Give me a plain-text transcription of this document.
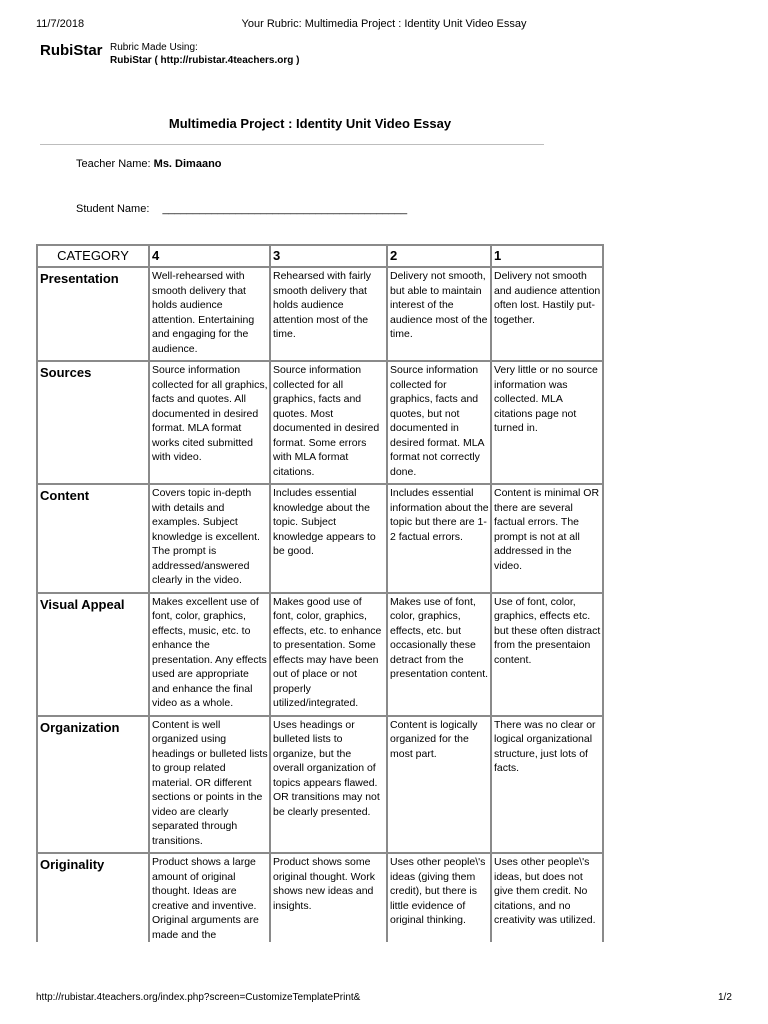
11/7/2018	Your Rubric: Multimedia Project : Identity Unit Video Essay
RubiStar Rubric Made Using:
RubiStar ( http://rubistar.4teachers.org )
Multimedia Project : Identity Unit Video Essay
Teacher Name: Ms. Dimaano
Student Name: ________________________________________
CATEGORY	4	3	2	1
Presentation	Well-rehearsed with smooth delivery that holds audience attention. Entertaining and engaging for the audience.	Rehearsed with fairly smooth delivery that holds audience attention most of the time.	Delivery not smooth, but able to maintain interest of the audience most of the time.	Delivery not smooth and audience attention often lost. Hastily put-together.
Sources	Source information collected for all graphics, facts and quotes. All documented in desired format. MLA format works cited submitted with video.	Source information collected for all graphics, facts and quotes. Most documented in desired format. Some errors with MLA format citations.	Source information collected for graphics, facts and quotes, but not documented in desired format. MLA format not correctly done.	Very little or no source information was collected. MLA citations page not turned in.
Content	Covers topic in-depth with details and examples. Subject knowledge is excellent. The prompt is addressed/answered clearly in the video.	Includes essential knowledge about the topic. Subject knowledge appears to be good.	Includes essential information about the topic but there are 1-2 factual errors.	Content is minimal OR there are several factual errors. The prompt is not at all addressed in the video.
Visual Appeal	Makes excellent use of font, color, graphics, effects, music, etc. to enhance the presentation. Any effects used are appropriate and enhance the final video as a whole.	Makes good use of font, color, graphics, effects, etc. to enhance to presentation. Some effects may have been out of place or not properly utilized/integrated.	Makes use of font, color, graphics, effects, etc. but occasionally these detract from the presentation content.	Use of font, color, graphics, effects etc. but these often distract from the presentaion content.
Organization	Content is well organized using headings or bulleted lists to group related material. OR different sections or points in the video are clearly separated through transitions.	Uses headings or bulleted lists to organize, but the overall organization of topics appears flawed. OR transitions may not be clearly presented.	Content is logically organized for the most part.	There was no clear or logical organizational structure, just lots of facts.
Originality	Product shows a large amount of original thought. Ideas are creative and inventive. Original arguments are made and the	Product shows some original thought. Work shows new ideas and insights.	Uses other people\'s ideas (giving them credit), but there is little evidence of original thinking.	Uses other people\'s ideas, but does not give them credit. No citations, and no creativity was utilized.
http://rubistar.4teachers.org/index.php?screen=CustomizeTemplatePrint&	1/2
